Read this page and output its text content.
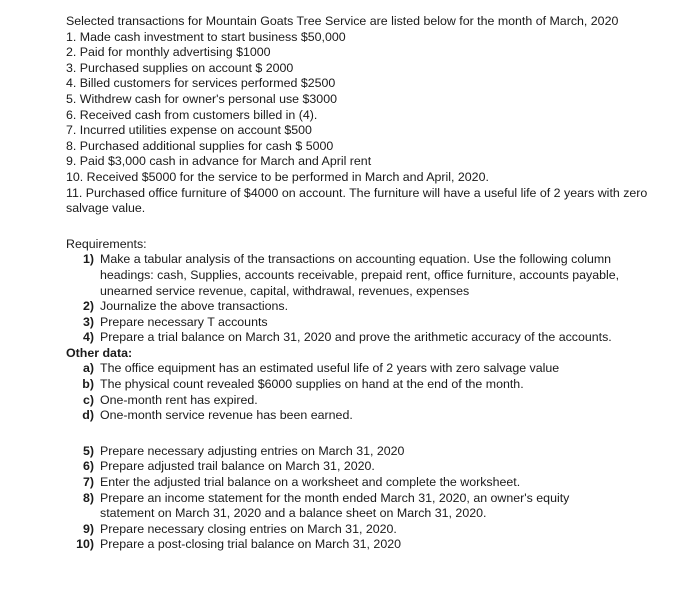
Selected transactions for Mountain Goats Tree Service are listed below for the month of March, 2020

1. Made cash investment to start business $50,000
2. Paid for monthly advertising $1000
3. Purchased supplies on account $ 2000
4. Billed customers for services performed $2500
5. Withdrew cash for owner's personal use $3000
6. Received cash from customers billed in (4).
7. Incurred utilities expense on account $500
8. Purchased additional supplies for cash $ 5000
9. Paid $3,000 cash in advance for March and April rent
10. Received $5000 for the service to be performed in March and April, 2020.
11. Purchased office furniture of $4000 on account. The furniture will have a useful life of 2 years with zero salvage value.

Requirements:

1) Make a tabular analysis of the transactions on accounting equation. Use the following column headings: cash, Supplies, accounts receivable, prepaid rent, office furniture, accounts payable, unearned service revenue, capital, withdrawal, revenues, expenses
2) Journalize the above transactions.
3) Prepare necessary T accounts
4) Prepare a trial balance on March 31, 2020 and prove the arithmetic accuracy of the accounts.

Other data:

a) The office equipment has an estimated useful life of 2 years with zero salvage value
b) The physical count revealed $6000 supplies on hand at the end of the month.
c) One-month rent has expired.
d) One-month service revenue has been earned.
5) Prepare necessary adjusting entries on March 31, 2020
6) Prepare adjusted trail balance on March 31, 2020.
7) Enter the adjusted trial balance on a worksheet and complete the worksheet.
8) Prepare an income statement for the month ended March 31, 2020, an owner's equity statement on March 31, 2020 and a balance sheet on March 31, 2020.
9) Prepare necessary closing entries on March 31, 2020.
10) Prepare a post-closing trial balance on March 31, 2020
